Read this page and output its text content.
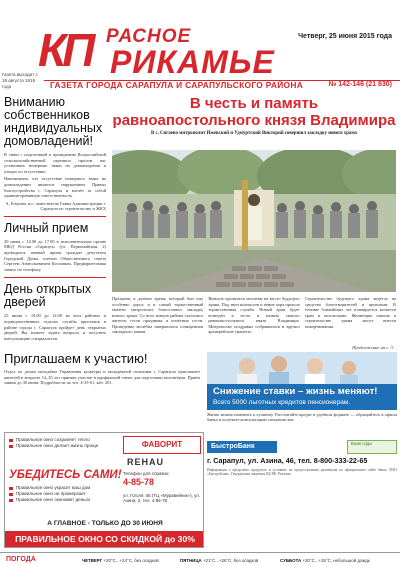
КП РАСНОЕ
РИКАМЬЕ
Четверг, 25 июня 2015 года
Газета выходит с 18 августа 1918 года	ГАЗЕТА ГОРОДА САРАПУЛА И САРАПУЛЬСКОГО РАЙОНА	№ 142-146 (21 830)
Вниманию собственников индивидуальных домовладений!
В связи с подготовкой к проведению Всероссийской сельскохозяйственной переписи просим вас установить номерные знаки на домовладения и улицах по отсутствию.
Напоминаем, что отсутствие номерного знака на домовладении является нарушением Правил благоустройства г. Сарапула и влечёт за собой административную ответственность.
А. Егорова, и.о. заместителя Главы Администрации г. Сарапула по строительству и ЖКХ
Личный прием
30 июня с 14.00 до 17.00 в исполнительном органе МКД Россия «Сарапул» (ул. Первомайская, 2) проводится личный прием граждан депутатом Городской Думы, членом Общественного совета Сергеем Анатольевичем Козловым. Предварительная запись по телефону.
День открытых дверей
25 июня с 10.00 до 14.00 во всех районах и подведомственных отделах службы приставов в районе города г. Сарапула пройдет день открытых дверей. Вы можете задать вопросы и получить консультацию специалистов.
В честь и память
равноапостольного князя Владимира
В с. Сигаево митрополит Ижевский и Удмуртский Викторий совершил закладку нового храма
Праздник, в далёкое время, который был ему особенно дорог, и в самый торжественный момент митрополит благословил закладку нового храма. Со всех концов района съехались жители, гости праздника и почётные гости. Проведение молебна завершилось освящением закладного камня.
Вначале прочитали молитвы на место будущего храма. Под звон колоколов и пение хора прошла торжественная служба. Новый храм будет возведён в честь и память святого равноапостольного князя Владимира. Митрополит поздравил собравшихся и вручил архиерейские грамоты.
Строительство будущего храма ведётся на средства благотворителей и прихожан. В течение ближайших лет планируется возвести храм и колокольню. Желающие помочь в строительстве храма могут внести пожертвования.
Продолжение на с. 3.
Приглашаем к участию!
Отдел по делам молодёжи Управления культуры и молодёжной политики г. Сарапула приглашает жителей в возрасте 14–35 лет принять участие в профильной смене для подготовки волонтёров. Приём заявок до 30 июня. Подробности по тел. 4-35-61, каб. 201.
Снижение ставки – жизнь меняют!
Всего 5000 льготных кредитов пенсионерам.
Жизнь можно изменить к лучшему. Рассчитайте кредит в удобном формате — обращайтесь в офисы банка и получите консультацию специалистов.
БыстроБанк	Банк года
г. Сарапул, ул. Азина, 46, тел. 8-800-333-22-65
Информация о кредитных продуктах и условиях их предоставления размещена на официальном сайте банка. ПАО «БыстроБанк». Генеральная лицензия ЦБ РФ. Реклама.
Правильное окно сохраняет тепло
Правильное окно делает жизнь проще
УБЕДИТЕСЬ САМИ!
Правильное окно украсит ваш дом
Правильное окно не промерзает
Правильное окно экономит деньги
ФАВОРИТ
REHAU
Телефон для справок:
4-85-78
ул. Гоголя, 56 (ТЦ «Муравейник»), ул. Азина, 2, тел. 4-85-78
А ГЛАВНОЕ - ТОЛЬКО ДО 30 ИЮНЯ
ПРАВИЛЬНОЕ ОКНО СО СКИДКОЙ до 30%
ПОГОДА	ЧЕТВЕРГ +20°С...+24°С, без осадков	ПЯТНИЦА +21°С...+26°С, без осадков	СУББОТА +20°С...+25°С, небольшой дождь
